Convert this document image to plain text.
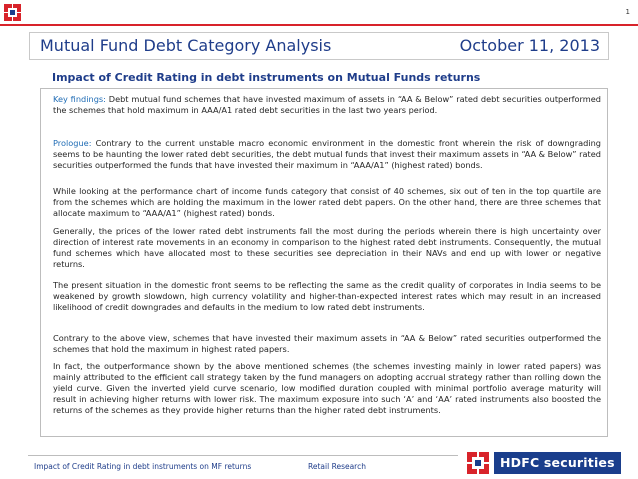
1
Mutual Fund Debt Category Analysis	October 11, 2013
Impact of Credit Rating in debt instruments on Mutual Funds returns
Key findings: Debt mutual fund schemes that have invested maximum of assets in “AA & Below” rated debt securities outperformed the schemes that hold maximum in AAA/A1 rated debt securities in the last two years period.
Prologue: Contrary to the current unstable macro economic environment in the domestic front wherein the risk of downgrading seems to be haunting the lower rated debt securities, the debt mutual funds that invest their maximum assets in “AA & Below” rated securities outperformed the funds that have invested their maximum in “AAA/A1” (highest rated) bonds.
While looking at the performance chart of income funds category that consist of 40 schemes, six out of ten in the top quartile are from the schemes which are holding the maximum in the lower rated debt papers. On the other hand, there are three schemes that allocate maximum to “AAA/A1” (highest rated) bonds.
Generally, the prices of the lower rated debt instruments fall the most during the periods wherein there is high uncertainty over direction of interest rate movements in an economy in comparison to the highest rated debt instruments. Consequently, the mutual fund schemes which have allocated most to these securities see depreciation in their NAVs and end up with lower or negative returns.
The present situation in the domestic front seems to be reflecting the same as the credit quality of corporates in India seems to be weakened by growth slowdown, high currency volatility and higher-than-expected interest rates which may result in an increased likelihood of credit downgrades and defaults in the medium to low rated debt instruments.
Contrary to the above view, schemes that have invested their maximum assets in “AA & Below” rated securities outperformed the schemes that hold the maximum in highest rated papers.
In fact, the outperformance shown by the above mentioned schemes (the schemes investing mainly in lower rated papers) was mainly attributed to the efficient call strategy taken by the fund managers on adopting accrual strategy rather than rolling down the yield curve. Given the inverted yield curve scenario, low modified duration coupled with minimal portfolio average maturity will result in achieving higher returns with lower risk. The maximum exposure into such ‘A’ and ‘AA’ rated instruments also boosted the returns of the schemes as they provide higher returns than the higher rated debt instruments.
Impact of Credit Rating in debt instruments on MF returns	Retail Research	HDFC securities
